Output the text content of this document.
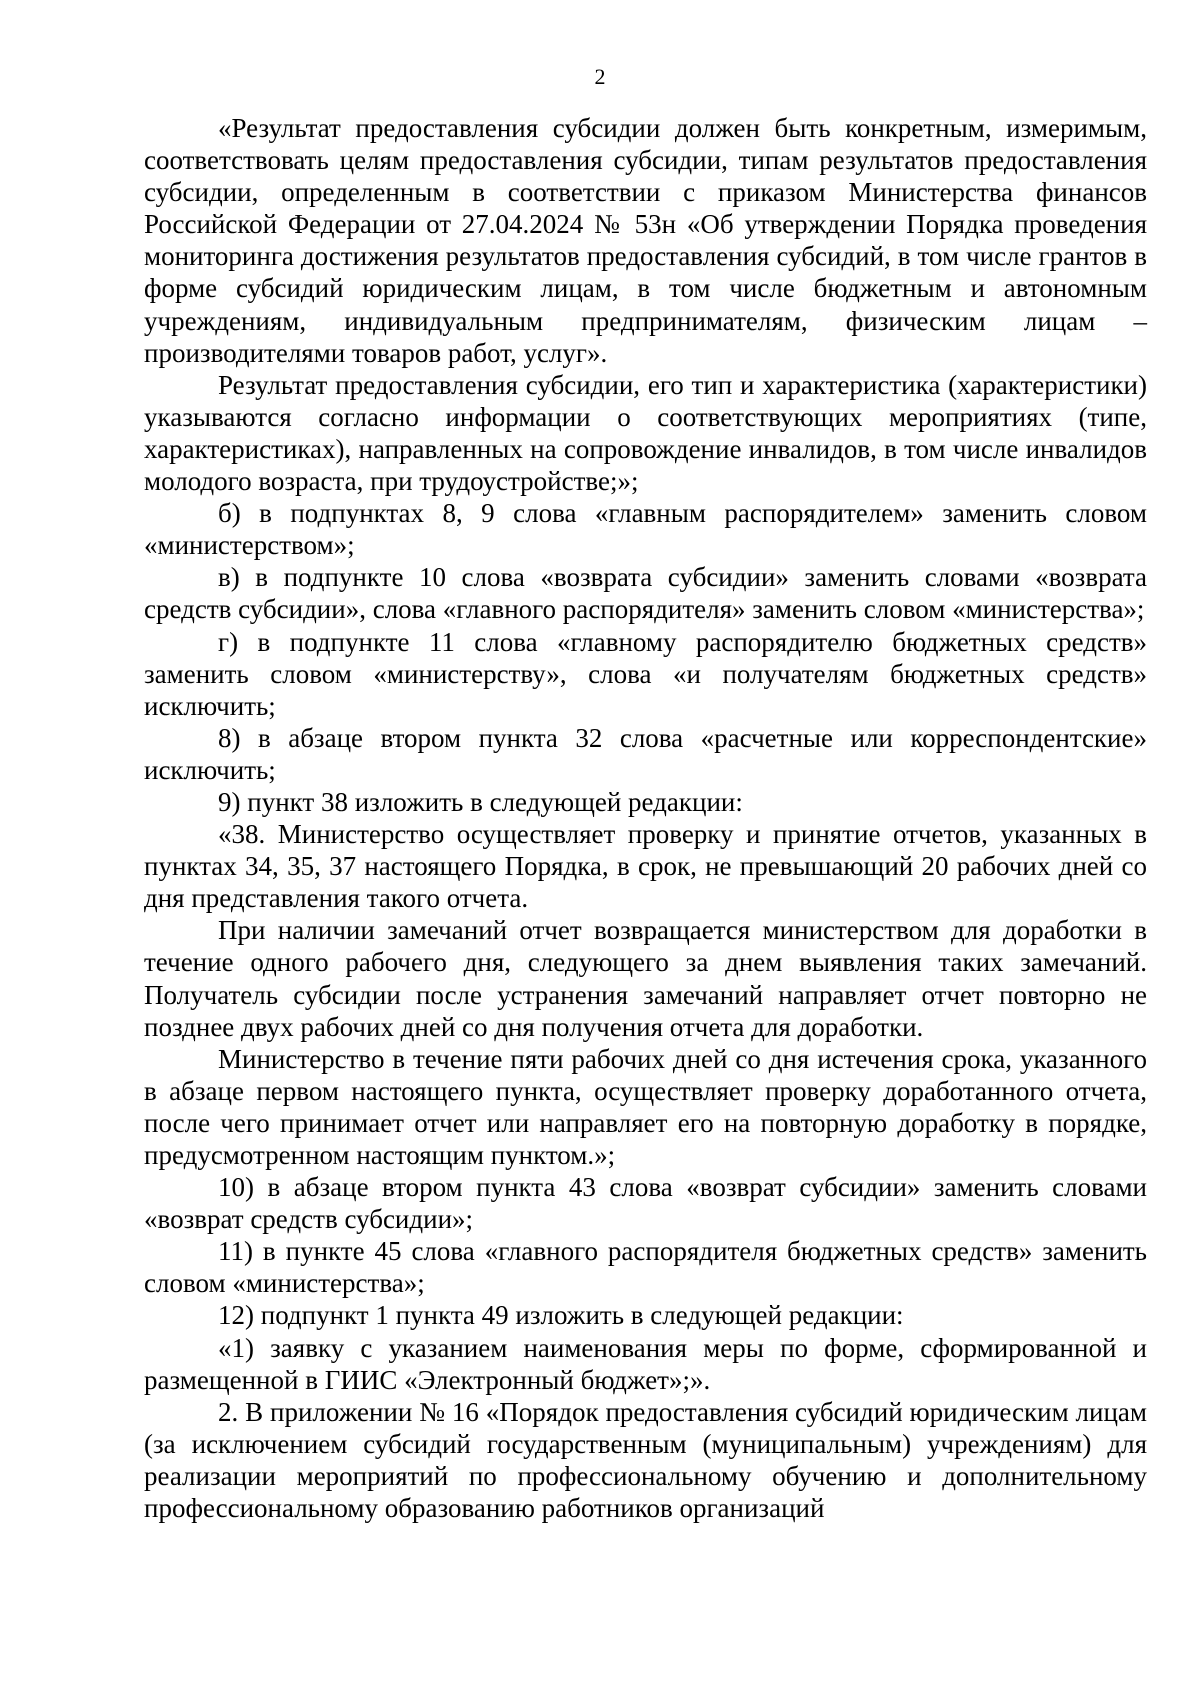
2

«Результат предоставления субсидии должен быть конкретным, измеримым, соответствовать целям предоставления субсидии, типам результатов предоставления субсидии, определенным в соответствии с приказом Министерства финансов Российской Федерации от 27.04.2024 № 53н «Об утверждении Порядка проведения мониторинга достижения результатов предоставления субсидий, в том числе грантов в форме субсидий юридическим лицам, в том числе бюджетным и автономным учреждениям, индивидуальным предпринимателям, физическим лицам – производителями товаров работ, услуг».

Результат предоставления субсидии, его тип и характеристика (характеристики) указываются согласно информации о соответствующих мероприятиях (типе, характеристиках), направленных на сопровождение инвалидов, в том числе инвалидов молодого возраста, при трудоустройстве;»;

б) в подпунктах 8, 9 слова «главным распорядителем» заменить словом «министерством»;

в) в подпункте 10 слова «возврата субсидии» заменить словами «возврата средств субсидии», слова «главного распорядителя» заменить словом «министерства»;

г) в подпункте 11 слова «главному распорядителю бюджетных средств» заменить словом «министерству», слова «и получателям бюджетных средств» исключить;

8) в абзаце втором пункта 32 слова «расчетные или корреспондентские» исключить;

9) пункт 38 изложить в следующей редакции:

«38. Министерство осуществляет проверку и принятие отчетов, указанных в пунктах 34, 35, 37 настоящего Порядка, в срок, не превышающий 20 рабочих дней со дня представления такого отчета.

При наличии замечаний отчет возвращается министерством для доработки в течение одного рабочего дня, следующего за днем выявления таких замечаний. Получатель субсидии после устранения замечаний направляет отчет повторно не позднее двух рабочих дней со дня получения отчета для доработки.

Министерство в течение пяти рабочих дней со дня истечения срока, указанного в абзаце первом настоящего пункта, осуществляет проверку доработанного отчета, после чего принимает отчет или направляет его на повторную доработку в порядке, предусмотренном настоящим пунктом.»;

10) в абзаце втором пункта 43 слова «возврат субсидии» заменить словами «возврат средств субсидии»;

11) в пункте 45 слова «главного распорядителя бюджетных средств» заменить словом «министерства»;

12) подпункт 1 пункта 49 изложить в следующей редакции:

«1) заявку с указанием наименования меры по форме, сформированной и размещенной в ГИИС «Электронный бюджет»;».

2. В приложении № 16 «Порядок предоставления субсидий юридическим лицам (за исключением субсидий государственным (муниципальным) учреждениям) для реализации мероприятий по профессиональному обучению и дополнительному профессиональному образованию работников организаций
